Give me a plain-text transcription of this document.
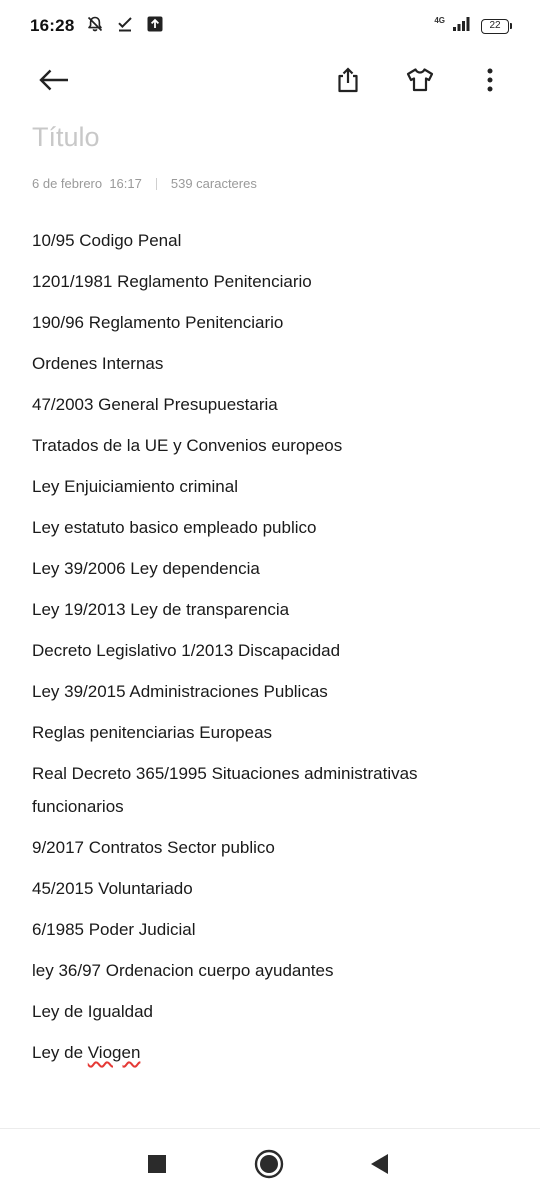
16:28	4G	22
Título
6 de febrero  16:17 539 caracteres
10/95 Codigo Penal
1201/1981 Reglamento Penitenciario
190/96 Reglamento Penitenciario
Ordenes Internas
47/2003 General Presupuestaria
Tratados de la UE y Convenios europeos
Ley Enjuiciamiento criminal
Ley estatuto basico empleado publico
Ley 39/2006 Ley dependencia
Ley 19/2013 Ley de transparencia
Decreto Legislativo 1/2013 Discapacidad
Ley 39/2015 Administraciones Publicas
Reglas penitenciarias Europeas
Real Decreto 365/1995 Situaciones administrativas funcionarios
9/2017 Contratos Sector publico
45/2015 Voluntariado
6/1985 Poder Judicial
ley 36/97 Ordenacion cuerpo ayudantes
Ley de Igualdad
Ley de Viogen
